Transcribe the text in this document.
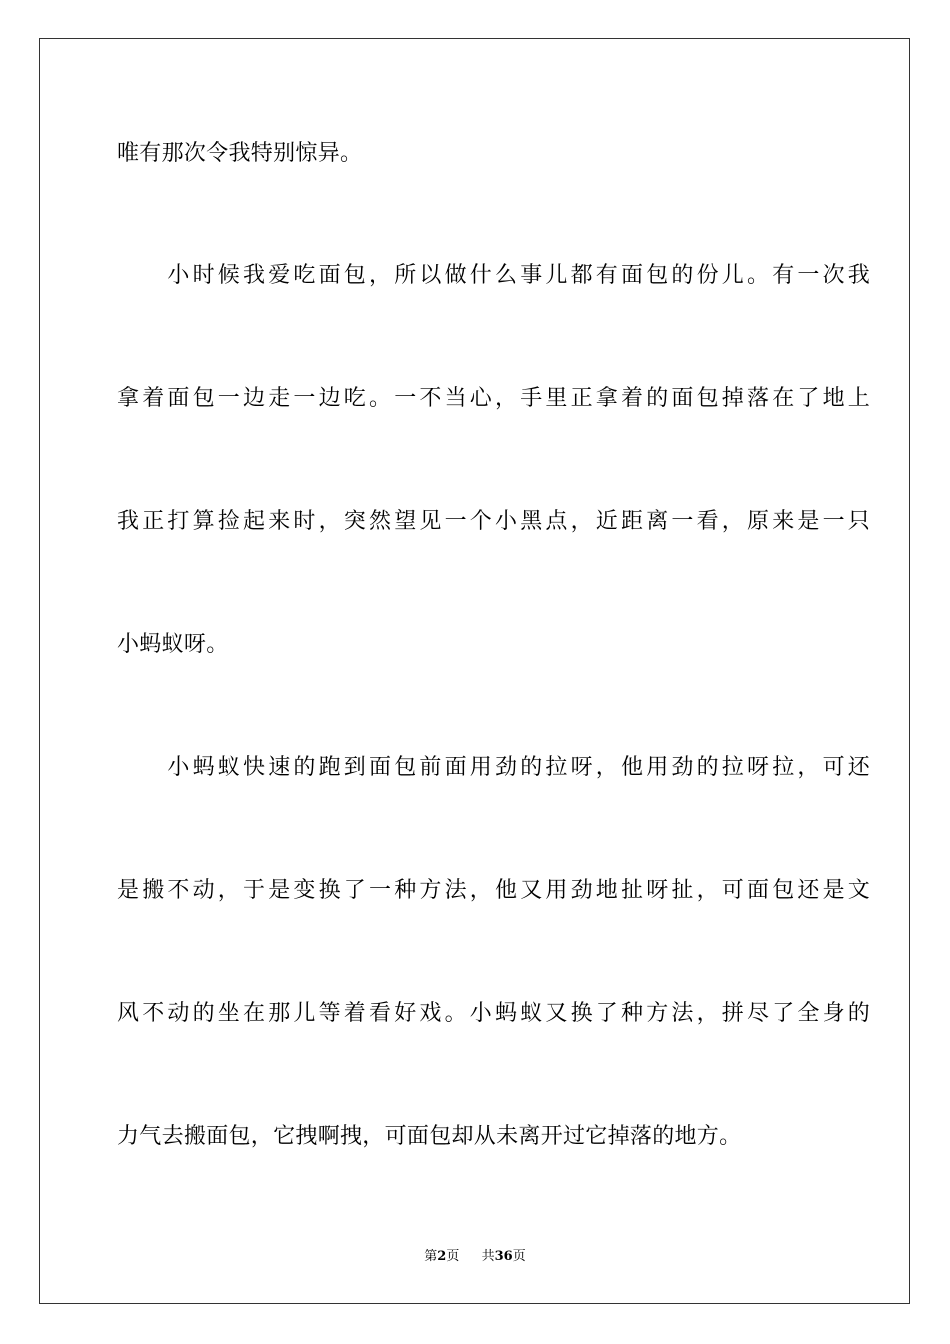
唯有那次令我特别惊异。
　　小时候我爱吃面包，所以做什么事儿都有面包的份儿。有一次我
拿着面包一边走一边吃。一不当心，手里正拿着的面包掉落在了地上
我正打算捡起来时，突然望见一个小黑点，近距离一看，原来是一只
小蚂蚁呀。
　　小蚂蚁快速的跑到面包前面用劲的拉呀，他用劲的拉呀拉，可还
是搬不动，于是变换了一种方法，他又用劲地扯呀扯，可面包还是文
风不动的坐在那儿等着看好戏。小蚂蚁又换了种方法，拼尽了全身的
力气去搬面包，它拽啊拽，可面包却从未离开过它掉落的地方。
第2页 共36页
